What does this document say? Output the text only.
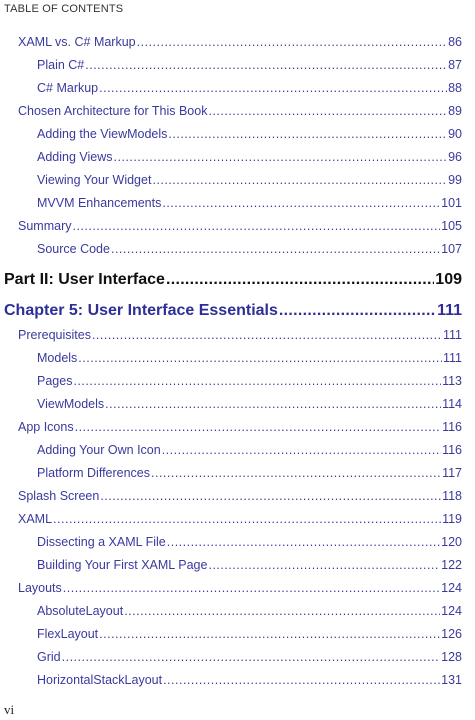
TABLE OF CONTENTS
XAML vs. C# Markup .....	86
Plain C# .....	87
C# Markup .....	88
Chosen Architecture for This Book .....	89
Adding the ViewModels .....	90
Adding Views .....	96
Viewing Your Widget .....	99
MVVM Enhancements .....	101
Summary .....	105
Source Code .....	107
Part II: User Interface .....	109
Chapter 5: User Interface Essentials .....	111
Prerequisites .....	111
Models .....	111
Pages .....	113
ViewModels .....	114
App Icons .....	116
Adding Your Own Icon .....	116
Platform Differences .....	117
Splash Screen .....	118
XAML .....	119
Dissecting a XAML File .....	120
Building Your First XAML Page .....	122
Layouts .....	124
AbsoluteLayout .....	124
FlexLayout .....	126
Grid .....	128
HorizontalStackLayout .....	131
vi
